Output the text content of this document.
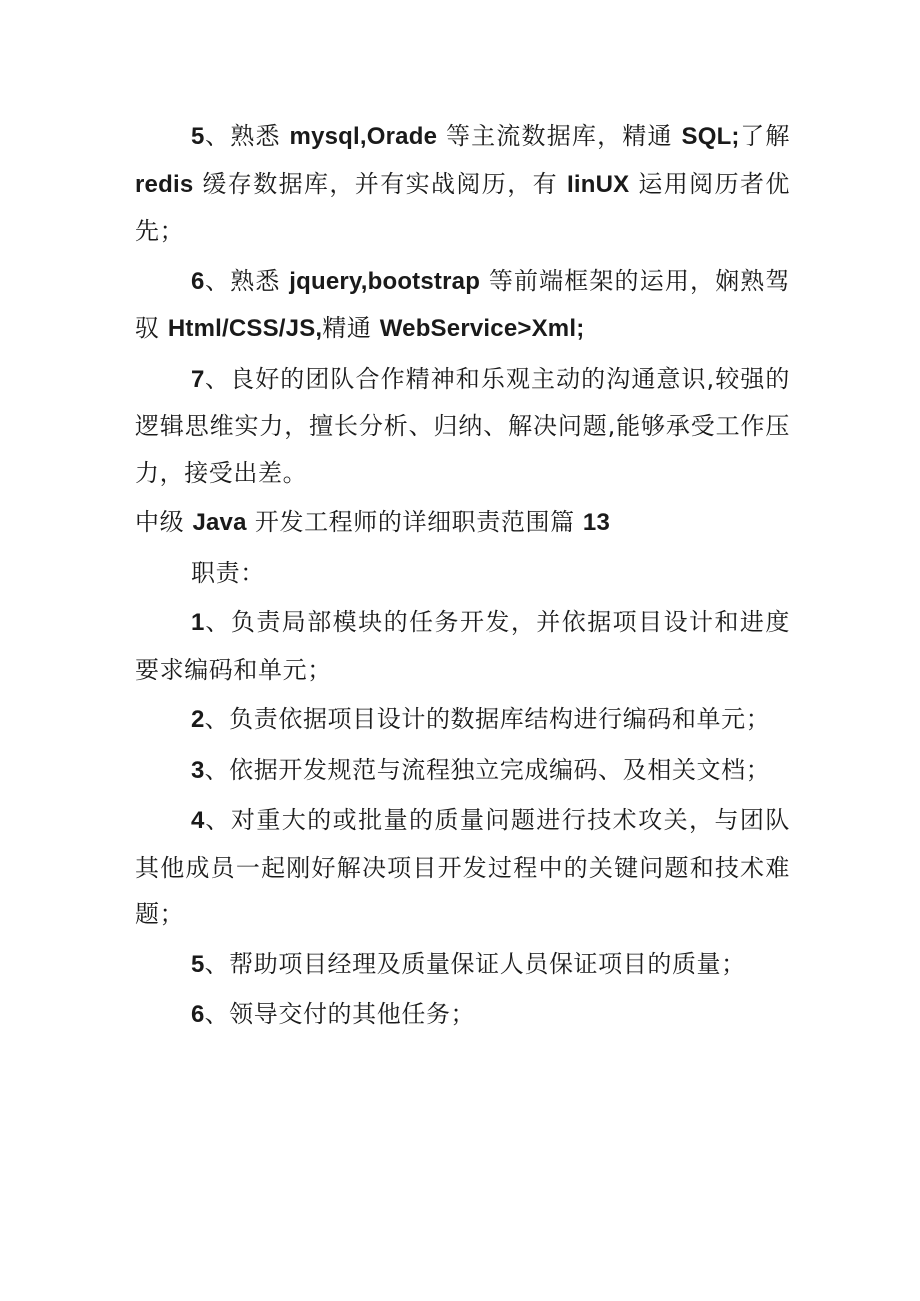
5、熟悉 mysql,Orade 等主流数据库，精通 SQL;了解 redis 缓存数据库，并有实战阅历，有 IinUX 运用阅历者优先；

6、熟悉 jquery,bootstrap 等前端框架的运用，娴熟驾驭 Html/CSS/JS,精通 WebService>Xml;

7、良好的团队合作精神和乐观主动的沟通意识,较强的逻辑思维实力，擅长分析、归纳、解决问题,能够承受工作压力，接受出差。

中级 Java 开发工程师的详细职责范围篇 13

职责：

1、负责局部模块的任务开发，并依据项目设计和进度要求编码和单元；

2、负责依据项目设计的数据库结构进行编码和单元；

3、依据开发规范与流程独立完成编码、及相关文档；

4、对重大的或批量的质量问题进行技术攻关，与团队其他成员一起刚好解决项目开发过程中的关键问题和技术难题；

5、帮助项目经理及质量保证人员保证项目的质量；

6、领导交付的其他任务；
